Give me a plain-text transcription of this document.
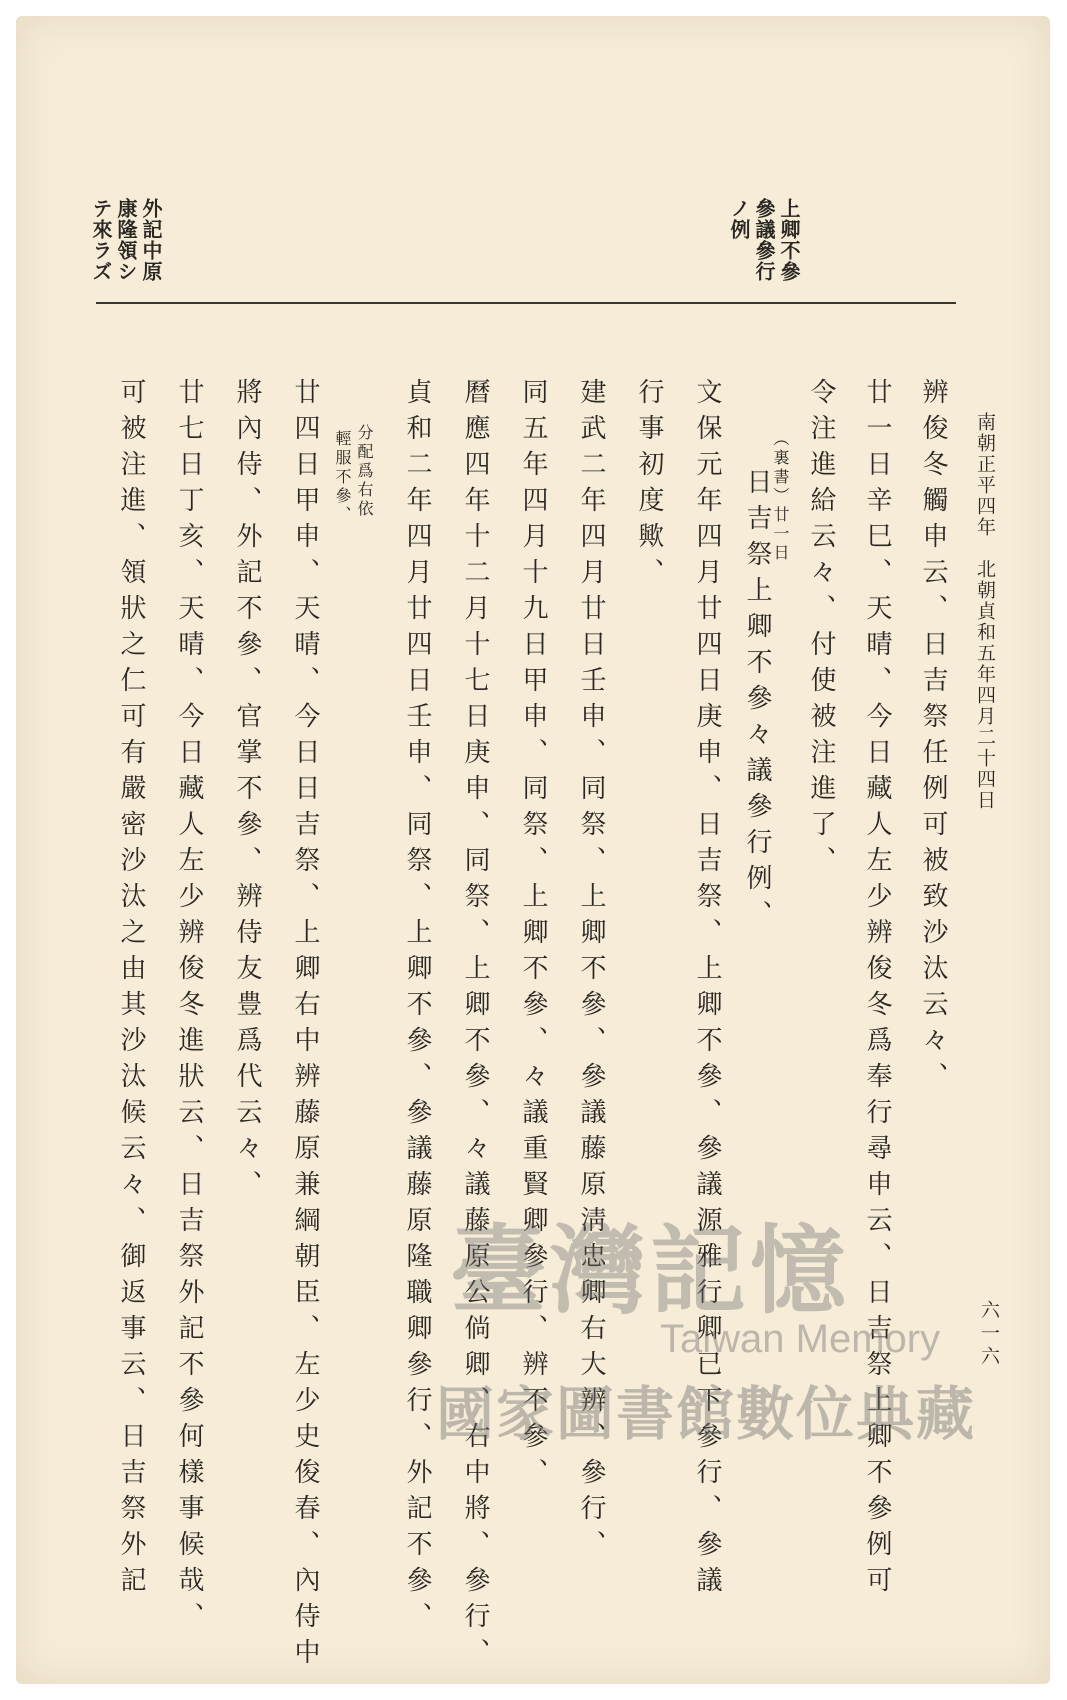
外記中原
康隆領シ
テ來ラズ	上卿不參
參議參行
ノ例
南朝正平四年　北朝貞和五年四月二十四日
六一六
辨俊冬觸申云、日吉祭任例可被致沙汰云々、
廿一日辛巳、天晴、今日藏人左少辨俊冬爲奉行尋申云、日吉祭上卿不參例可
令注進給云々、付使被注進了、
（裏書）廿一日
日吉祭上卿不參々議參行例、
文保元年四月廿四日庚申、日吉祭、上卿不參、參議源雅行卿已下參行、參議
行事初度歟、
建武二年四月廿日壬申、同祭、上卿不參、參議藤原淸忠卿右大辨、參行、
同五年四月十九日甲申、同祭、上卿不參、々議重賢卿參行、辨不參、
曆應四年十二月十七日庚申、同祭、上卿不參、々議藤原公倘卿、右中將、參行、
貞和二年四月廿四日壬申、同祭、上卿不參、參議藤原隆職卿參行、外記不參、
分配爲右依
輕服不參、
廿四日甲申、天晴、今日日吉祭、上卿右中辨藤原兼綱朝臣、左少史俊春、內侍中
將內侍、外記不參、官掌不參、辨侍友豊爲代云々、
廿七日丁亥、天晴、今日藏人左少辨俊冬進狀云、日吉祭外記不參何樣事候哉、
可被注進、領狀之仁可有嚴密沙汰之由其沙汰候云々、御返事云、日吉祭外記	臺灣記憶
Taiwan Memory
國家圖書館數位典藏
